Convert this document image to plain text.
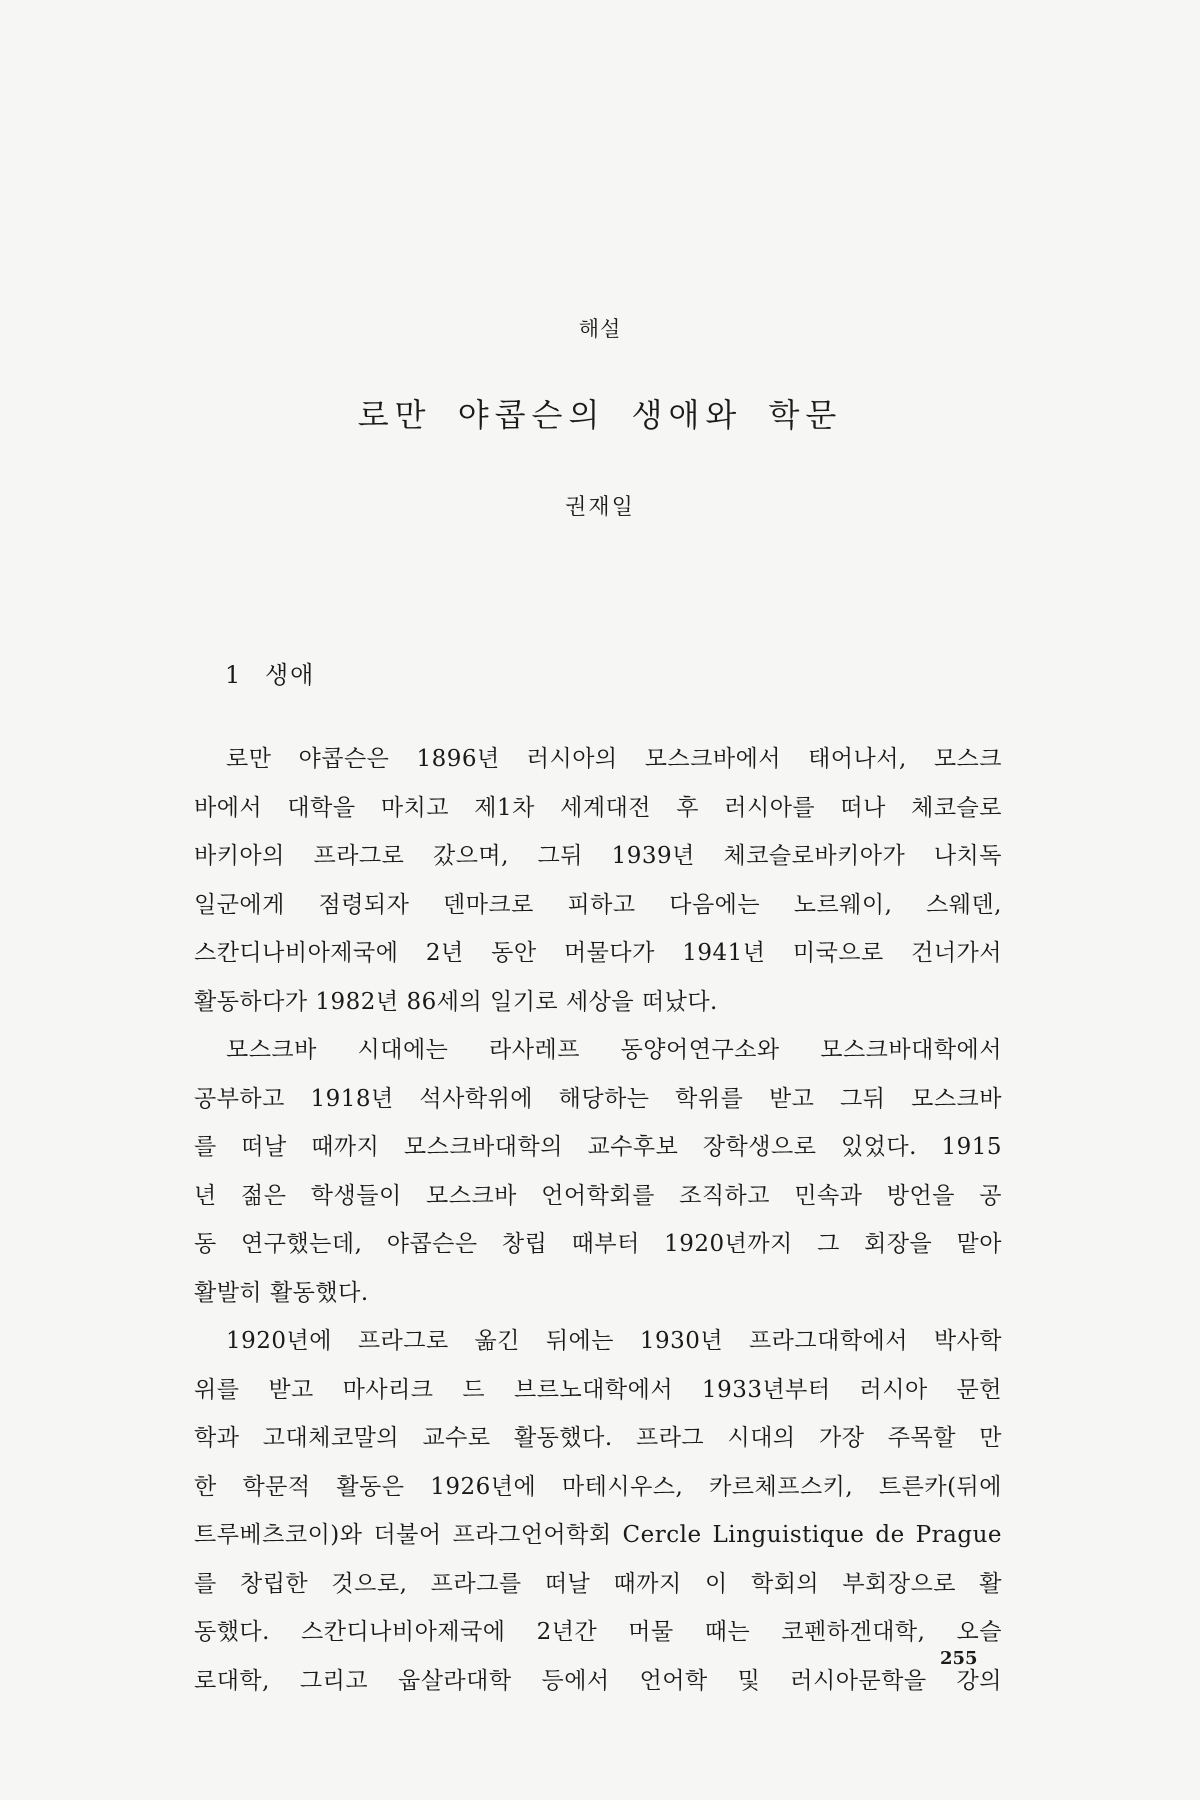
해설
로만 야콥슨의 생애와 학문
권재일
1 생애
로만 야콥슨은 1896년 러시아의 모스크바에서 태어나서, 모스크
바에서 대학을 마치고 제1차 세계대전 후 러시아를 떠나 체코슬로
바키아의 프라그로 갔으며, 그뒤 1939년 체코슬로바키아가 나치독
일군에게 점령되자 덴마크로 피하고 다음에는 노르웨이, 스웨덴,
스칸디나비아제국에 2년 동안 머물다가 1941년 미국으로 건너가서
활동하다가 1982년 86세의 일기로 세상을 떠났다.
모스크바 시대에는 라사레프 동양어연구소와 모스크바대학에서
공부하고 1918년 석사학위에 해당하는 학위를 받고 그뒤 모스크바
를 떠날 때까지 모스크바대학의 교수후보 장학생으로 있었다. 1915
년 젊은 학생들이 모스크바 언어학회를 조직하고 민속과 방언을 공
동 연구했는데, 야콥슨은 창립 때부터 1920년까지 그 회장을 맡아
활발히 활동했다.
1920년에 프라그로 옮긴 뒤에는 1930년 프라그대학에서 박사학
위를 받고 마사리크 드 브르노대학에서 1933년부터 러시아 문헌
학과 고대체코말의 교수로 활동했다. 프라그 시대의 가장 주목할 만
한 학문적 활동은 1926년에 마테시우스, 카르체프스키, 트른카(뒤에
트루베츠코이)와 더불어 프라그언어학회 Cercle Linguistique de Prague
를 창립한 것으로, 프라그를 떠날 때까지 이 학회의 부회장으로 활
동했다. 스칸디나비아제국에 2년간 머물 때는 코펜하겐대학, 오슬
로대학, 그리고 웁살라대학 등에서 언어학 및 러시아문학을 강의
255
